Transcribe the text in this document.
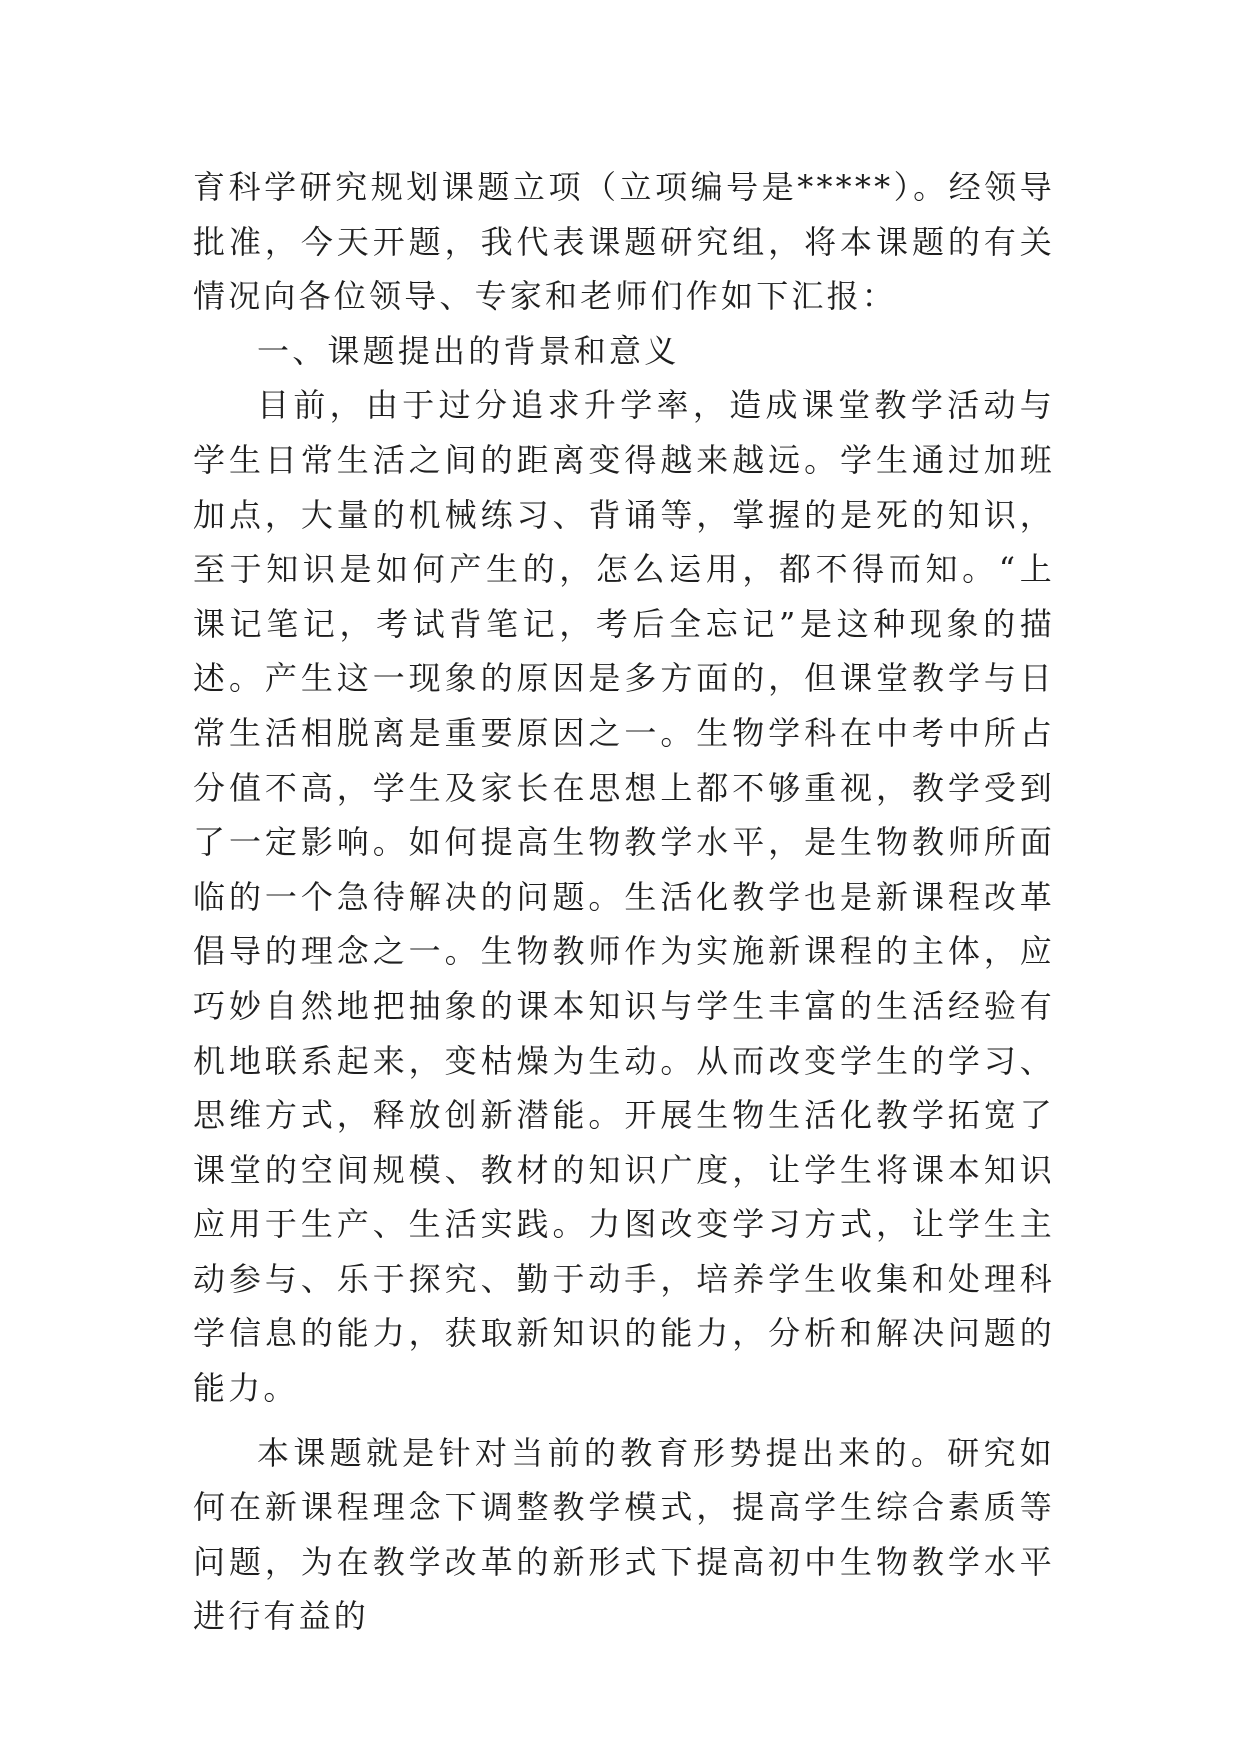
育科学研究规划课题立项（立项编号是*****）。经领导批准，今天开题，我代表课题研究组，将本课题的有关情况向各位领导、专家和老师们作如下汇报：

一、课题提出的背景和意义

目前，由于过分追求升学率，造成课堂教学活动与学生日常生活之间的距离变得越来越远。学生通过加班加点，大量的机械练习、背诵等，掌握的是死的知识，至于知识是如何产生的，怎么运用，都不得而知。“上课记笔记，考试背笔记，考后全忘记”是这种现象的描述。产生这一现象的原因是多方面的，但课堂教学与日常生活相脱离是重要原因之一。生物学科在中考中所占分值不高，学生及家长在思想上都不够重视，教学受到了一定影响。如何提高生物教学水平，是生物教师所面临的一个急待解决的问题。生活化教学也是新课程改革倡导的理念之一。生物教师作为实施新课程的主体，应巧妙自然地把抽象的课本知识与学生丰富的生活经验有机地联系起来，变枯燥为生动。从而改变学生的学习、思维方式，释放创新潜能。开展生物生活化教学拓宽了课堂的空间规模、教材的知识广度，让学生将课本知识应用于生产、生活实践。力图改变学习方式，让学生主动参与、乐于探究、勤于动手，培养学生收集和处理科学信息的能力，获取新知识的能力，分析和解决问题的能力。

本课题就是针对当前的教育形势提出来的。研究如何在新课程理念下调整教学模式，提高学生综合素质等问题，为在教学改革的新形式下提高初中生物教学水平进行有益的
